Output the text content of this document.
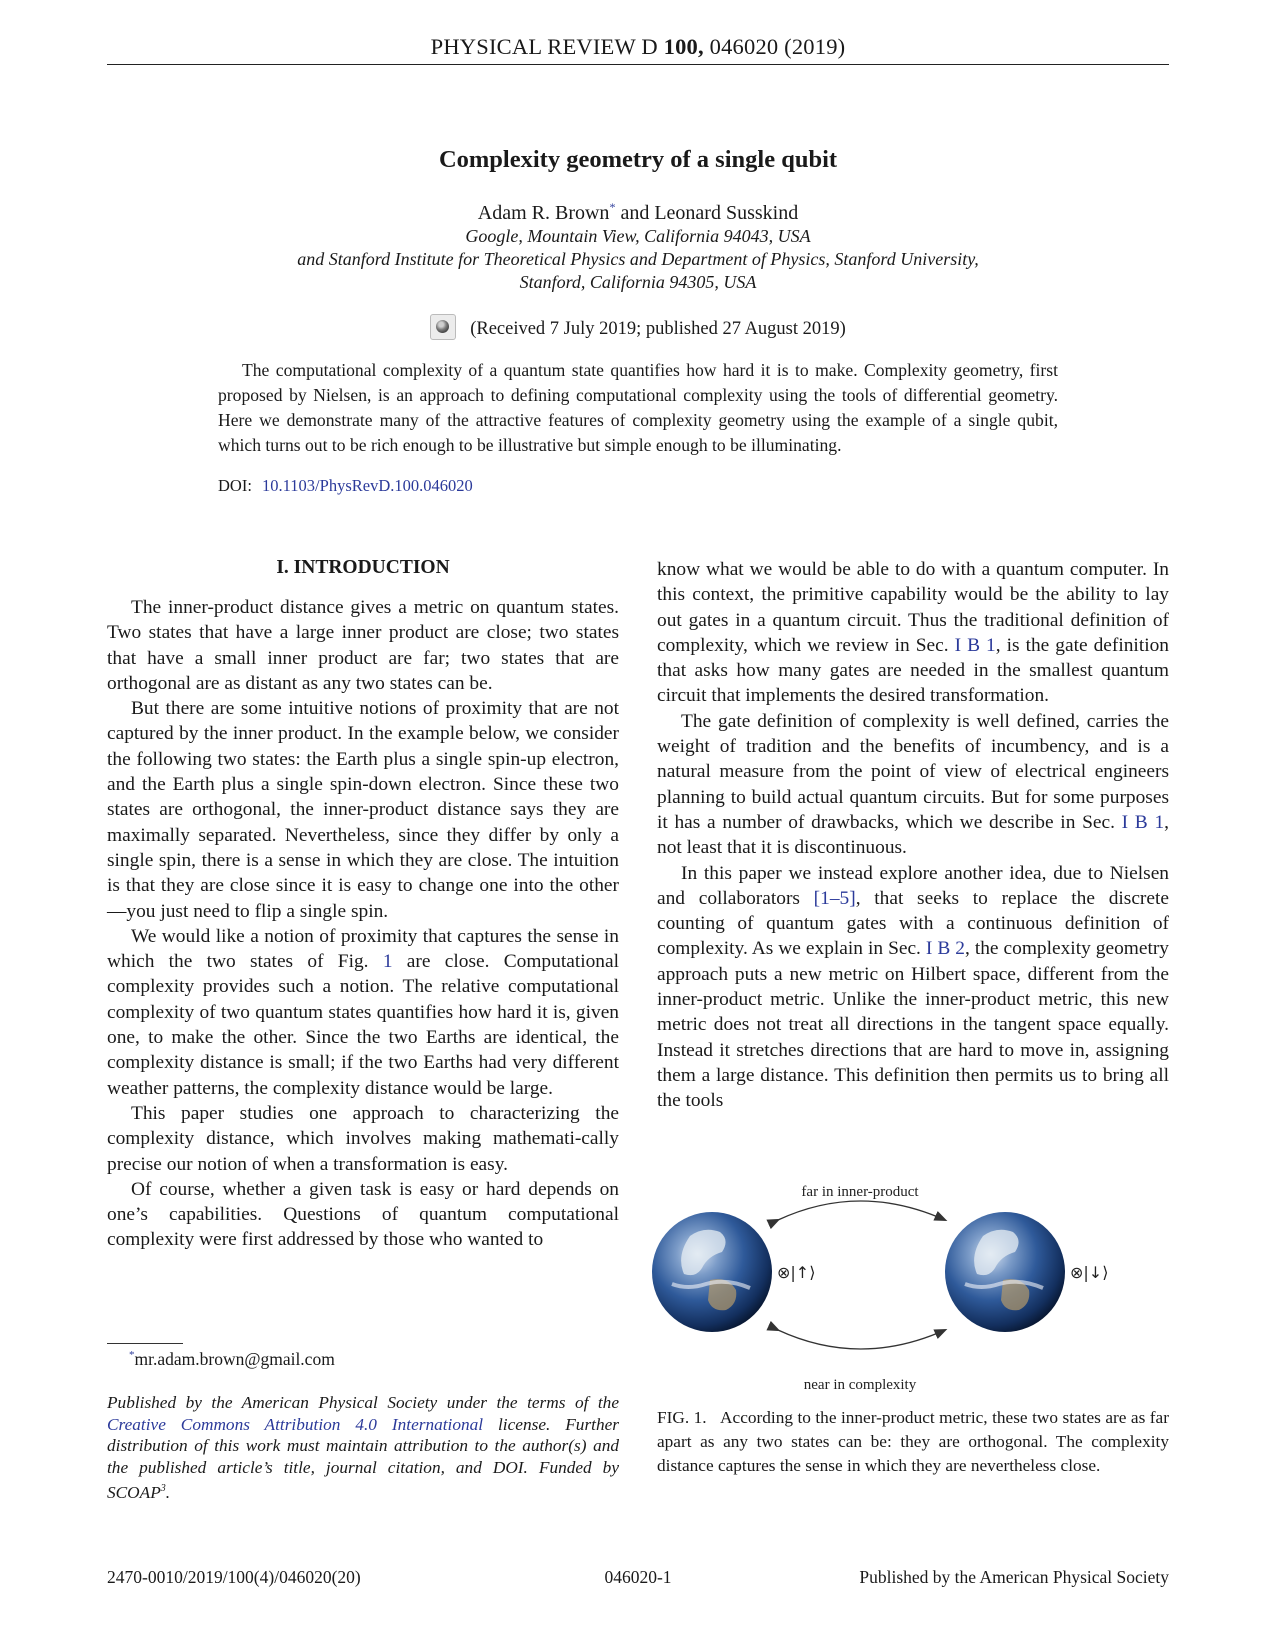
PHYSICAL REVIEW D 100, 046020 (2019)
Complexity geometry of a single qubit
Adam R. Brown* and Leonard Susskind
Google, Mountain View, California 94043, USA
and Stanford Institute for Theoretical Physics and Department of Physics, Stanford University,
Stanford, California 94305, USA
(Received 7 July 2019; published 27 August 2019)
The computational complexity of a quantum state quantifies how hard it is to make. Complexity geometry, first proposed by Nielsen, is an approach to defining computational complexity using the tools of differential geometry. Here we demonstrate many of the attractive features of complexity geometry using the example of a single qubit, which turns out to be rich enough to be illustrative but simple enough to be illuminating.
DOI: 10.1103/PhysRevD.100.046020
I. INTRODUCTION

The inner-product distance gives a metric on quantum states. Two states that have a large inner product are close; two states that have a small inner product are far; two states that are orthogonal are as distant as any two states can be.

But there are some intuitive notions of proximity that are not captured by the inner product. In the example below, we consider the following two states: the Earth plus a single spin-up electron, and the Earth plus a single spin-down electron. Since these two states are orthogonal, the inner-product distance says they are maximally separated. Nevertheless, since they differ by only a single spin, there is a sense in which they are close. The intuition is that they are close since it is easy to change one into the other—you just need to flip a single spin.

We would like a notion of proximity that captures the sense in which the two states of Fig. 1 are close. Computational complexity provides such a notion. The relative computational complexity of two quantum states quantifies how hard it is, given one, to make the other. Since the two Earths are identical, the complexity distance is small; if the two Earths had very different weather patterns, the complexity distance would be large.

This paper studies one approach to characterizing the complexity distance, which involves making mathemati-cally precise our notion of when a transformation is easy.

Of course, whether a given task is easy or hard depends on one’s capabilities. Questions of quantum computational complexity were first addressed by those who wanted to

know what we would be able to do with a quantum computer. In this context, the primitive capability would be the ability to lay out gates in a quantum circuit. Thus the traditional definition of complexity, which we review in Sec. I B 1, is the gate definition that asks how many gates are needed in the smallest quantum circuit that implements the desired transformation.

The gate definition of complexity is well defined, carries the weight of tradition and the benefits of incumbency, and is a natural measure from the point of view of electrical engineers planning to build actual quantum circuits. But for some purposes it has a number of drawbacks, which we describe in Sec. I B 1, not least that it is discontinuous.

In this paper we instead explore another idea, due to Nielsen and collaborators [1–5], that seeks to replace the discrete counting of quantum gates with a continuous definition of complexity. As we explain in Sec. I B 2, the complexity geometry approach puts a new metric on Hilbert space, different from the inner-product metric. Unlike the inner-product metric, this new metric does not treat all directions in the tangent space equally. Instead it stretches directions that are hard to move in, assigning them a large distance. This definition then permits us to bring all the tools

far in inner-product
⊗|↑⟩	⊗|↓⟩
near in complexity
FIG. 1. According to the inner-product metric, these two states are as far apart as any two states can be: they are orthogonal. The complexity distance captures the sense in which they are nevertheless close.
*mr.adam.brown@gmail.com
Published by the American Physical Society under the terms of the Creative Commons Attribution 4.0 International license. Further distribution of this work must maintain attribution to the author(s) and the published article’s title, journal citation, and DOI. Funded by SCOAP$^3$.
2470-0010/2019/100(4)/046020(20)	046020-1	Published by the American Physical Society
